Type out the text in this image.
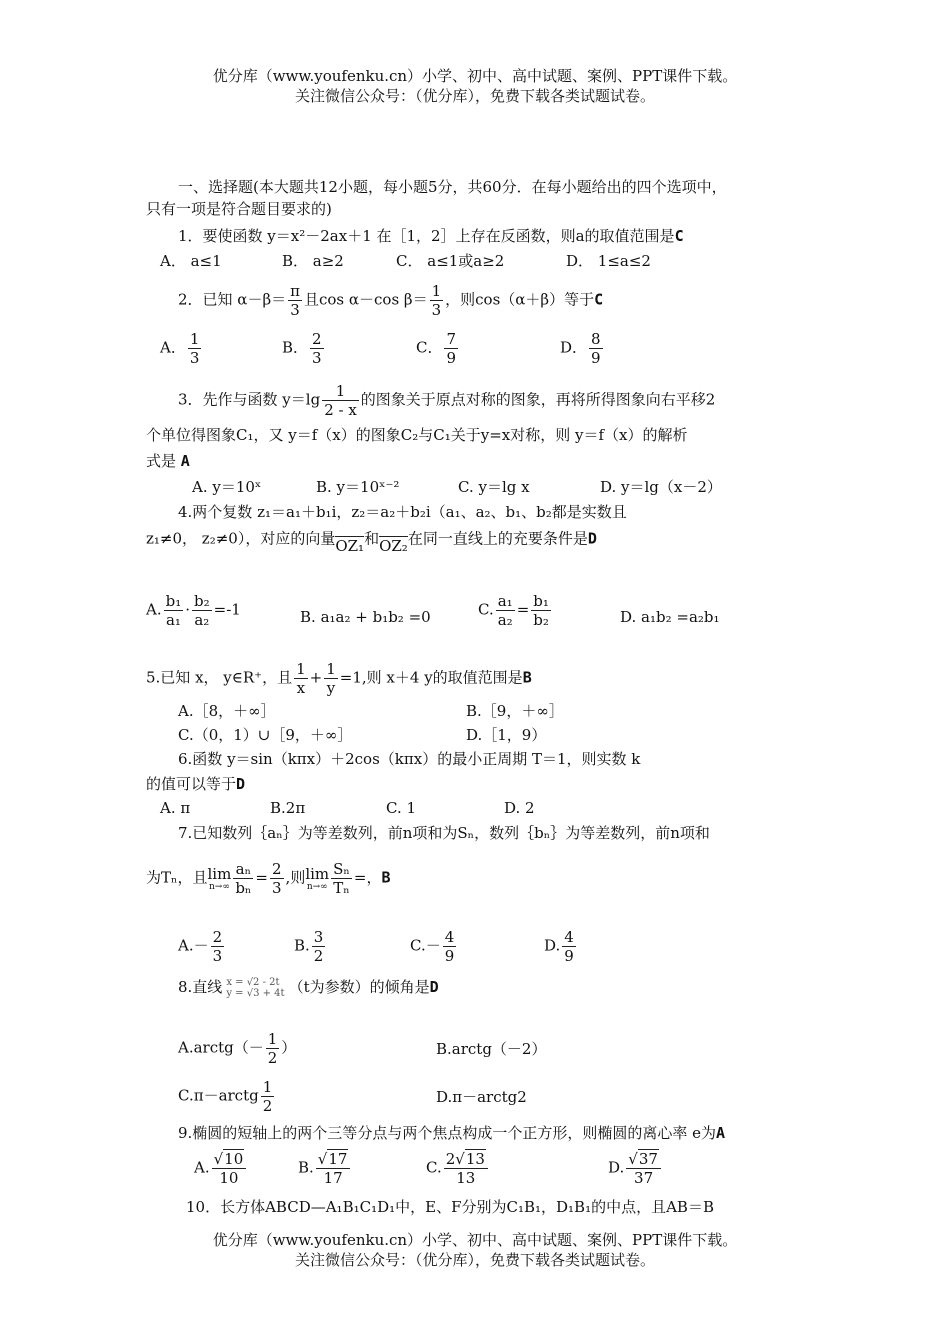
优分库（www.youfenku.cn）小学、初中、高中试题、案例、PPT课件下载。
关注微信公众号：（优分库），免费下载各类试题试卷。
一、选择题(本大题共12小题，每小题5分，共60分．在每小题给出的四个选项中，
只有一项是符合题目要求的)
1．要使函数 y＝x²－2ax＋1 在［1，2］上存在反函数，则a的取值范围是C
A． a≤1	B． a≥2	C． a≤1或a≥2	D． 1≤a≤2
2．已知 $\alpha-\beta= \frac{\pi}{3}$ 且cos α－cos $\beta= \frac{1}{3}$ ，则cos（α＋β）等于C
A． $\frac{1}{3}$	B． $\frac{2}{3}$	C． $\frac{7}{9}$	D． $\frac{8}{9}$
3．先作与函数 $y=\lg \frac{1}{2 - x}$ 的图象关于原点对称的图象，再将所得图象向右平移2
个单位得图象C₁，又 y＝f（x）的图象C₂与C₁关于y=x对称，则 y＝f（x）的解析
式是 A
A. y＝10ˣ	B. y＝10ˣ⁻²	C. y＝lg x	D. y＝lg（x－2）
4.两个复数 z₁＝a₁＋b₁i，z₂＝a₂＋b₂i（a₁、a₂、b₁、b₂都是实数且
z₁≠0， z₂≠0），对应的向量OZ₁和OZ₂在同一直线上的充要条件是D
A. $\frac{\text{b₁}}{\text{a₁}} \cdot \frac{\text{b₂}}{\text{a₂}} =-1$	B. a₁a₂ + b₁b₂ =0	C. $\frac{\text{a₁}}{\text{a₂}} = \frac{\text{b₁}}{\text{b₂}}$	D. a₁b₂ =a₂b₁
5.已知 x， y∈R⁺，且 $\frac{1}{x} + \frac{1}{y} =1$,则 x＋4 y的取值范围是B
A.［8，＋∞］	B.［9，＋∞］
C.（0，1）∪［9，＋∞］	D.［1，9）
6.函数 y＝sin（kπx）＋2cos（kπx）的最小正周期 T＝1，则实数 k
的值可以等于D
A. π	B.2π	C. 1	D. 2
7.已知数列｛aₙ｝为等差数列，前n项和为Sₙ，数列｛bₙ｝为等差数列，前n项和
为Tₙ，且lim
$n\to\infty \frac{\text{aₙ}}{\text{bₙ}} = \frac{2}{3}$ ,则lim
$n\to\infty \frac{\text{Sₙ}}{\text{Tₙ}}$ =，B
$A.- \frac{2}{3}$	B. $\frac{3}{2}$	$C.- \frac{4}{9}$	D. $\frac{4}{9}$
8.直线 x = √2 - 2t
y = √3 + 4t （t为参数）的倾角是D
A.arctg（－ $\frac{1}{2}$ ）	B.arctg（－2）
C.π－arctg $\frac{1}{2}$	D.π－arctg2
9.椭圆的短轴上的两个三等分点与两个焦点构成一个正方形，则椭圆的离心率 e为A
A. $\frac{√10}{10}$	B. $\frac{√17}{17}$	C. $\frac{2√13}{13}$	D. $\frac{√37}{37}$
10．长方体ABCD—A₁B₁C₁D₁中，E、F分别为C₁B₁，D₁B₁的中点，且AB＝B
优分库（www.youfenku.cn）小学、初中、高中试题、案例、PPT课件下载。
关注微信公众号：（优分库），免费下载各类试题试卷。
